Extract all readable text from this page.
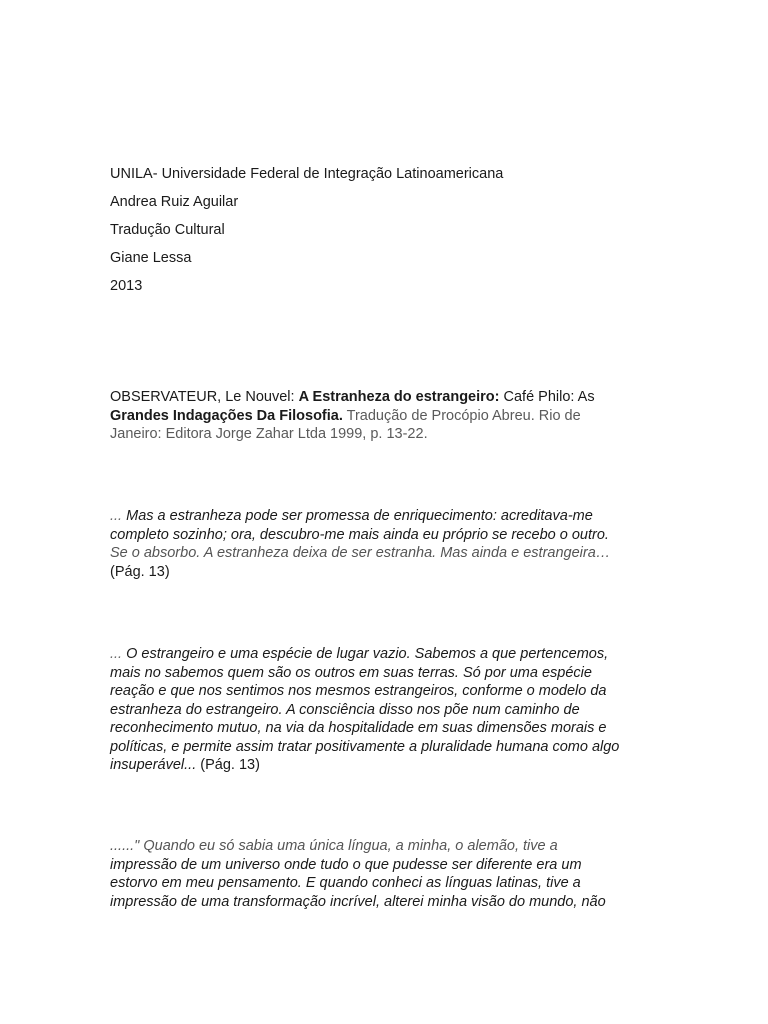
UNILA- Universidade Federal de Integração Latinoamericana
Andrea Ruiz Aguilar
Tradução Cultural
Giane Lessa
2013

OBSERVATEUR, Le Nouvel: A Estranheza do estrangeiro: Café Philo: As

Grandes Indagações Da Filosofia. Tradução de Procópio Abreu. Rio de

Janeiro: Editora Jorge Zahar Ltda 1999, p. 13-22.

... Mas a estranheza pode ser promessa de enriquecimento: acreditava-me

completo sozinho; ora, descubro-me mais ainda eu próprio se recebo o outro.

Se o absorbo. A estranheza deixa de ser estranha. Mas ainda e estrangeira…

(Pág. 13)

... O estrangeiro e uma espécie de lugar vazio. Sabemos a que pertencemos,

mais no sabemos quem são os outros em suas terras. Só por uma espécie

reação e que nos sentimos nos mesmos estrangeiros, conforme o modelo da

estranheza do estrangeiro. A consciência disso nos põe num caminho de

reconhecimento mutuo, na via da hospitalidade em suas dimensões morais e

políticas, e permite assim tratar positivamente a pluralidade humana como algo

insuperável... (Pág. 13)

......" Quando eu só sabia uma única língua, a minha, o alemão, tive a

impressão de um universo onde tudo o que pudesse ser diferente era um

estorvo em meu pensamento. E quando conheci as línguas latinas, tive a

impressão de uma transformação incrível, alterei minha visão do mundo, não
